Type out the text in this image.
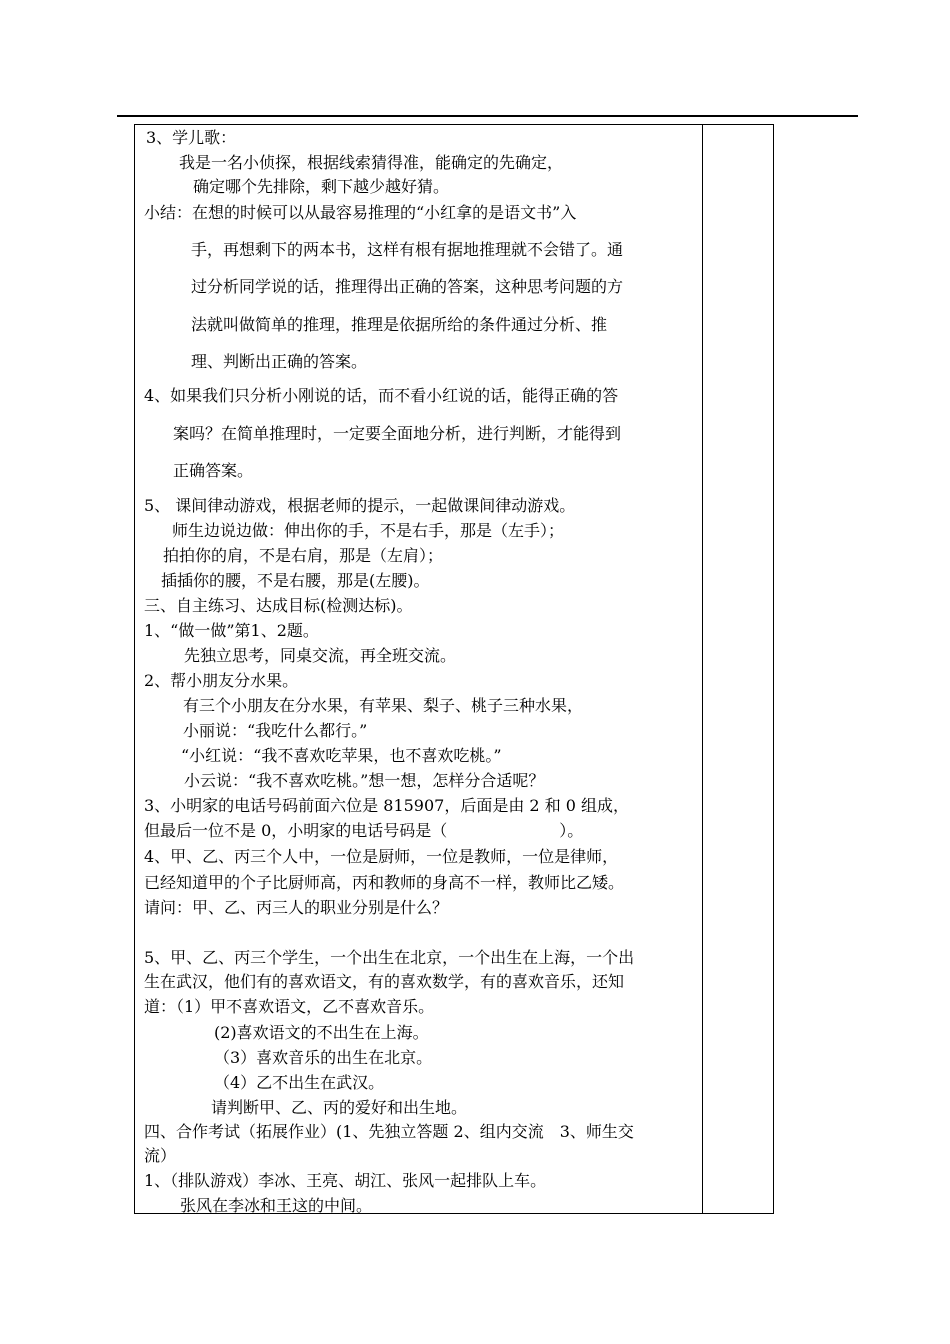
3、学儿歌：
我是一名小侦探，根据线索猜得准，能确定的先确定，
确定哪个先排除，剩下越少越好猜。
小结：在想的时候可以从最容易推理的“小红拿的是语文书”入
手，再想剩下的两本书，这样有根有据地推理就不会错了。通
过分析同学说的话，推理得出正确的答案，这种思考问题的方
法就叫做简单的推理，推理是依据所给的条件通过分析、推
理、判断出正确的答案。
4、如果我们只分析小刚说的话，而不看小红说的话，能得正确的答
案吗？在简单推理时，一定要全面地分析，进行判断，才能得到
正确答案。
5、 课间律动游戏，根据老师的提示，一起做课间律动游戏。
师生边说边做：伸出你的手，不是右手，那是（左手）；
拍拍你的肩，不是右肩，那是（左肩）；
插插你的腰，不是右腰，那是(左腰)。
三、自主练习、达成目标(检测达标)。
1、“做一做”第1、2题。
先独立思考，同桌交流，再全班交流。
2、帮小朋友分水果。
有三个小朋友在分水果，有苹果、梨子、桃子三种水果，
小丽说：“我吃什么都行。”
“小红说：“我不喜欢吃苹果，也不喜欢吃桃。”
小云说：“我不喜欢吃桃。”想一想，怎样分合适呢？
3、小明家的电话号码前面六位是 815907，后面是由 2 和 0 组成，
但最后一位不是 0，小明家的电话号码是（　　　　　　　）。
4、甲、乙、丙三个人中，一位是厨师，一位是教师，一位是律师，
已经知道甲的个子比厨师高，丙和教师的身高不一样，教师比乙矮。
请问：甲、乙、丙三人的职业分别是什么？
5、甲、乙、丙三个学生，一个出生在北京，一个出生在上海，一个出
生在武汉，他们有的喜欢语文，有的喜欢数学，有的喜欢音乐，还知
道：（1）甲不喜欢语文，乙不喜欢音乐。
(2)喜欢语文的不出生在上海。
（3）喜欢音乐的出生在北京。
（4）乙不出生在武汉。
请判断甲、乙、丙的爱好和出生地。
四、合作考试（拓展作业）(1、先独立答题 2、组内交流　3、师生交
流）
1、（排队游戏）李冰、王亮、胡江、张风一起排队上车。
张风在李冰和王这的中间。
